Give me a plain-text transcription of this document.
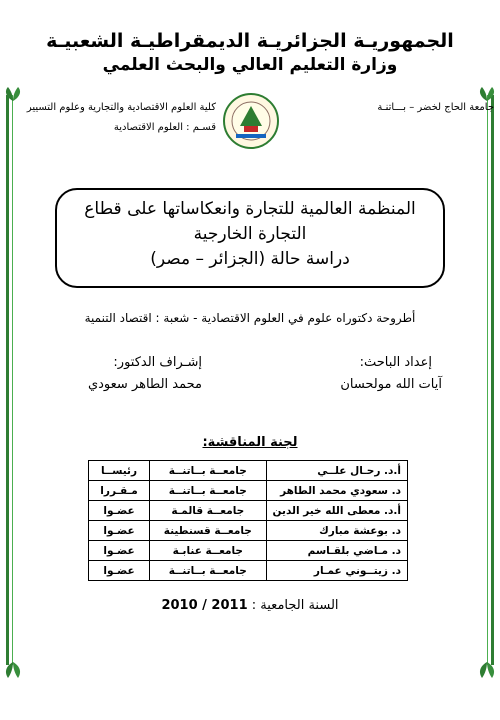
الجمهوريـة الجزائريـة الديمقراطيـة الشعبيـة
وزارة التعليم العالي والبحث العلمي
جامعة الحاج لخضر – بـــاتنـة
كلية العلوم الاقتصادية والتجارية وعلوم التسيير
قسـم : العلوم الاقتصادية
المنظمة العالمية للتجارة وانعكاساتها على قطاع
التجارة الخارجية
دراسة حالة (الجزائر – مصر)
أطروحة دكتوراه علوم في العلوم الاقتصادية - شعبة : اقتصاد التنمية
إعداد الباحث:
آيات الله مولحسان
إشـراف الدكتور:
محمد الطاهر سعودي
لجنة المناقشة:
أ.د. رحـال علــي	جامعــة بــاتنــة	رئيســا
د. سعودي محمد الطاهر	جامعــة بــاتنــة	مـقـررا
أ.د. معطى الله خير الدين	جامعــة قالمـة	عضـوا
د. بوعشة مبارك	جامعــة قسنطينة	عضـوا
د. مـاضي بلقـاسم	جامعــة عنابـة	عضـوا
د. زيتــوني عمـار	جامعــة بــاتنــة	عضـوا
السنة الجامعية : 2010 / 2011
